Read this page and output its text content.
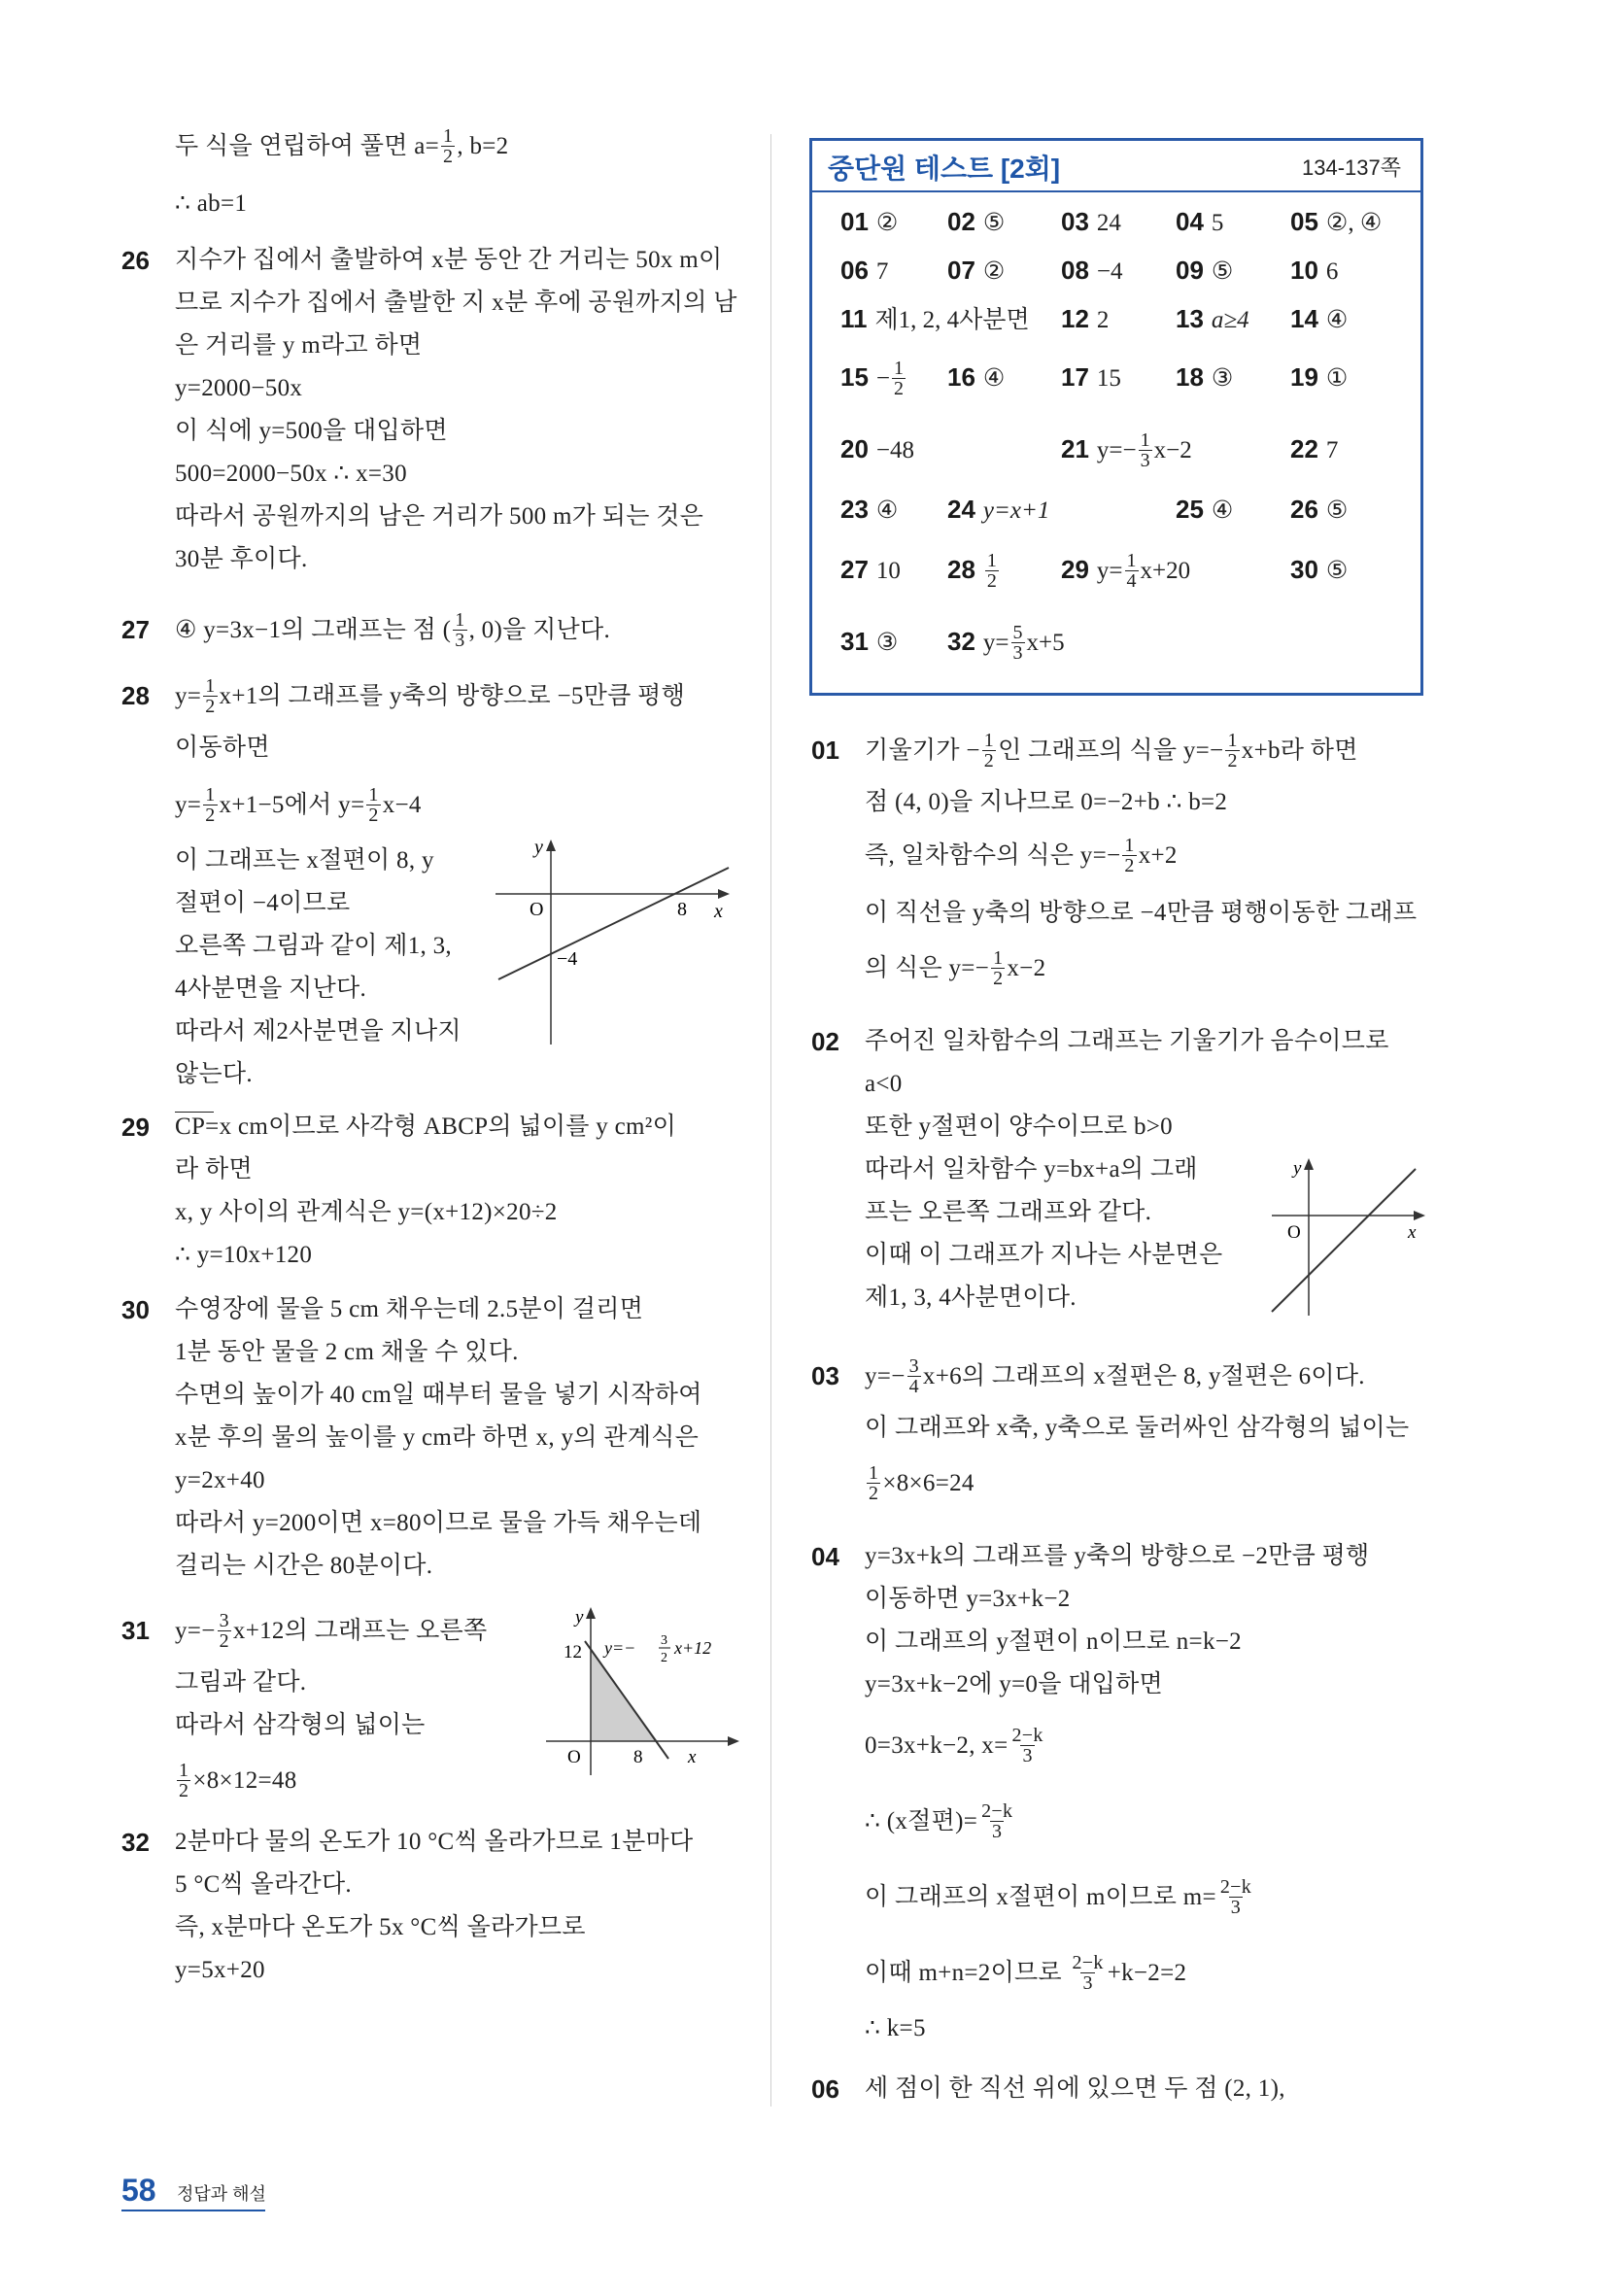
두 식을 연립하여 풀면 $a= \frac{1}{2}$ , b=2
∴ ab=1
26 지수가 집에서 출발하여 x분 동안 간 거리는 50x m이
므로 지수가 집에서 출발한 지 x분 후에 공원까지의 남
은 거리를 y m라고 하면
y=2000−50x
이 식에 y=500을 대입하면
500=2000−50x ∴ x=30
따라서 공원까지의 남은 거리가 500 m가 되는 것은
30분 후이다.
27 ④ y=3x−1의 그래프는 점 ( $\frac{1}{3}$ , 0)을 지난다.
28 $y= \frac{1}{2} x+1$의 그래프를 y축의 방향으로 −5만큼 평행
이동하면
$y= \frac{1}{2} x+1-5$에서 $y= \frac{1}{2} x-4$
이 그래프는 x절편이 8, y
절편이 −4이므로
오른쪽 그림과 같이 제1, 3,
4사분면을 지난다.
따라서 제2사분면을 지나지
않는다.
y
x
O	8
−4
29 CP=x cm이므로 사각형 ABCP의 넓이를 y cm²이
라 하면
x, y 사이의 관계식은 y=(x+12)×20÷2
∴ y=10x+120
30 수영장에 물을 5 cm 채우는데 2.5분이 걸리면
1분 동안 물을 2 cm 채울 수 있다.
수면의 높이가 40 cm일 때부터 물을 넣기 시작하여
x분 후의 물의 높이를 y cm라 하면 x, y의 관계식은
y=2x+40
따라서 y=200이면 x=80이므로 물을 가득 채우는데
걸리는 시간은 80분이다.
31 $y=- \frac{3}{2} x+12$의 그래프는 오른쪽
그림과 같다.
따라서 삼각형의 넓이는
$\frac{1}{2} \times 8\times 12=48$
y
x
O	8
12 y=− 3
2
x+12
32 2분마다 물의 온도가 10 °C씩 올라가므로 1분마다
5 °C씩 올라간다.
즉, x분마다 온도가 5x °C씩 올라가므로
y=5x+20
중단원 테스트 [2회]	134-137쪽
01 ② 02 ⑤ 03 24 04 5	05 ②, ④
06 7 07 ② 08 −4 09 ⑤ 10 6
11 제1, 2, 4사분면 12 2	13 a≥4 14 ④
$15 - \frac{1}{2} 16$ ④ 17 15 18 ③ 19 ①
20 −48	21 $y=- \frac{1}{3} x-2$	22 7
23 ④ 24 y=x+1	25 ④ 26 ⑤
27 10 $28 \frac{1}{2} 29$ $y= \frac{1}{4} x+20$	30 ⑤
31 ③ 32 $y= \frac{5}{3} x+5$
01 기울기가 − $\frac{1}{2}$ 인 그래프의 식을 $y=- \frac{1}{2} x+b$라 하면
점 (4, 0)을 지나므로 0=−2+b ∴ b=2
즉, 일차함수의 식은 $y=- \frac{1}{2} x+2$
이 직선을 y축의 방향으로 −4만큼 평행이동한 그래프
의 식은 $y=- \frac{1}{2} x-2$
02 주어진 일차함수의 그래프는 기울기가 음수이므로
a<0
또한 y절편이 양수이므로 b>0
따라서 일차함수 y=bx+a의 그래
프는 오른쪽 그래프와 같다.
이때 이 그래프가 지나는 사분면은
제1, 3, 4사분면이다.
y
x
O
03 $y=- \frac{3}{4} x+6$의 그래프의 x절편은 8, y절편은 6이다.
이 그래프와 x축, y축으로 둘러싸인 삼각형의 넓이는
$\frac{1}{2} \times 8\times 6=24$
04 y=3x+k의 그래프를 y축의 방향으로 −2만큼 평행
이동하면 y=3x+k−2
이 그래프의 y절편이 n이므로 n=k−2
y=3x+k−2에 y=0을 대입하면
0=3x+k−2, $x= \frac{2-k}{3}$
∴ (x절편)= $\frac{2-k}{3}$
이 그래프의 x절편이 m이므로 $m= \frac{2-k}{3}$
이때 m+n=2이므로 $\frac{2-k}{3} +k-2=2$
∴ k=5
06 세 점이 한 직선 위에 있으면 두 점 (2, 1),
58 정답과 해설
